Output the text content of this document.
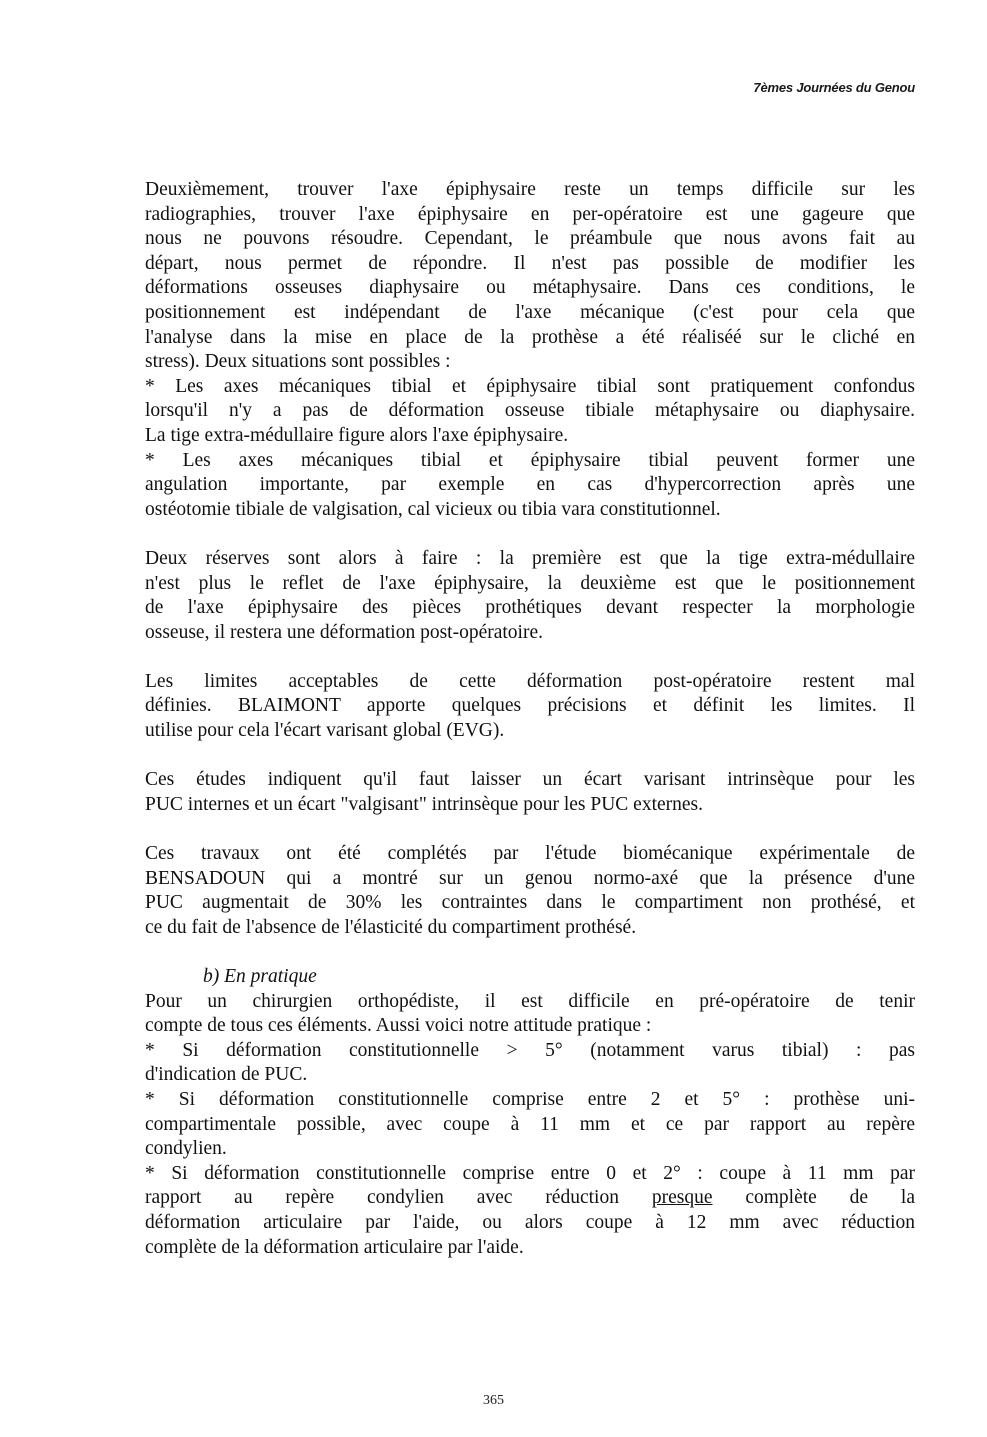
7èmes Journées du Genou

Deuxièmement, trouver l'axe épiphysaire reste un temps difficile sur les
radiographies, trouver l'axe épiphysaire en per-opératoire est une gageure que
nous ne pouvons résoudre. Cependant, le préambule que nous avons fait au
départ, nous permet de répondre. Il n'est pas possible de modifier les
déformations osseuses diaphysaire ou métaphysaire. Dans ces conditions, le
positionnement est indépendant de l'axe mécanique (c'est pour cela que
l'analyse dans la mise en place de la prothèse a été réaliséé sur le cliché en
stress). Deux situations sont possibles :

* Les axes mécaniques tibial et épiphysaire tibial sont pratiquement confondus
lorsqu'il n'y a pas de déformation osseuse tibiale métaphysaire ou diaphysaire.
La tige extra-médullaire figure alors l'axe épiphysaire.

* Les axes mécaniques tibial et épiphysaire tibial peuvent former une
angulation importante, par exemple en cas d'hypercorrection après une
ostéotomie tibiale de valgisation, cal vicieux ou tibia vara constitutionnel.

Deux réserves sont alors à faire : la première est que la tige extra-médullaire
n'est plus le reflet de l'axe épiphysaire, la deuxième est que le positionnement
de l'axe épiphysaire des pièces prothétiques devant respecter la morphologie
osseuse, il restera une déformation post-opératoire.

Les limites acceptables de cette déformation post-opératoire restent mal
définies. BLAIMONT apporte quelques précisions et définit les limites. Il
utilise pour cela l'écart varisant global (EVG).

Ces études indiquent qu'il faut laisser un écart varisant intrinsèque pour les
PUC internes et un écart "valgisant" intrinsèque pour les PUC externes.

Ces travaux ont été complétés par l'étude biomécanique expérimentale de
BENSADOUN qui a montré sur un genou normo-axé que la présence d'une
PUC augmentait de 30% les contraintes dans le compartiment non prothésé, et
ce du fait de l'absence de l'élasticité du compartiment prothésé.

b) En pratique

Pour un chirurgien orthopédiste, il est difficile en pré-opératoire de tenir
compte de tous ces éléments. Aussi voici notre attitude pratique :

* Si déformation constitutionnelle > 5° (notamment varus tibial) : pas
d'indication de PUC.

* Si déformation constitutionnelle comprise entre 2 et 5° : prothèse uni-
compartimentale possible, avec coupe à 11 mm et ce par rapport au repère
condylien.

* Si déformation constitutionnelle comprise entre 0 et 2° : coupe à 11 mm par
rapport au repère condylien avec réduction presque complète de la
déformation articulaire par l'aide, ou alors coupe à 12 mm avec réduction
complète de la déformation articulaire par l'aide.

365
